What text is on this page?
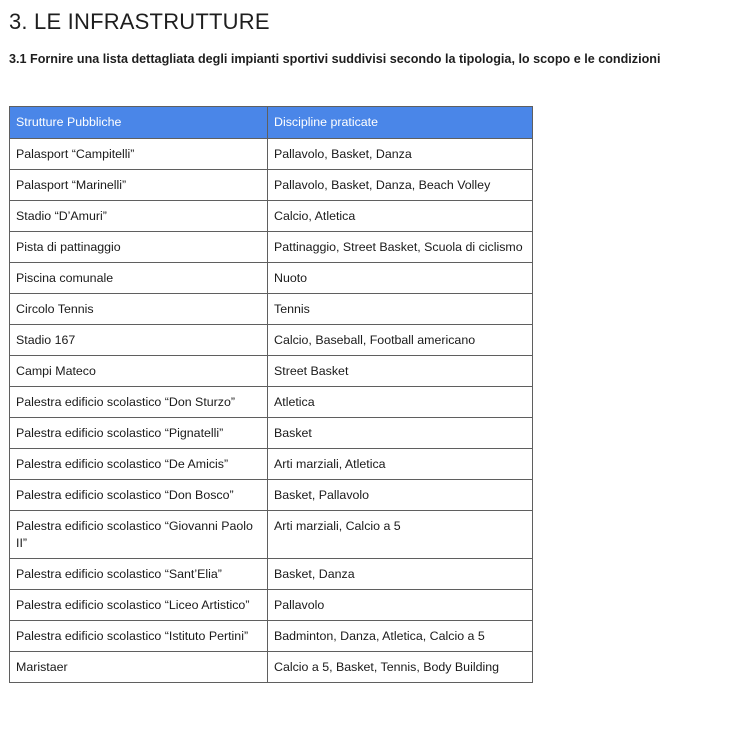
3. LE INFRASTRUTTURE

3.1 Fornire una lista dettagliata degli impianti sportivi suddivisi secondo la tipologia, lo scopo e le condizioni

Strutture Pubbliche	Discipline praticate
Palasport “Campitelli”	Pallavolo, Basket, Danza
Palasport “Marinelli”	Pallavolo, Basket, Danza, Beach Volley
Stadio “D’Amuri”	Calcio, Atletica
Pista di pattinaggio	Pattinaggio, Street Basket, Scuola di ciclismo
Piscina comunale	Nuoto
Circolo Tennis	Tennis
Stadio 167	Calcio, Baseball, Football americano
Campi Mateco	Street Basket
Palestra edificio scolastico “Don Sturzo”	Atletica
Palestra edificio scolastico “Pignatelli”	Basket
Palestra edificio scolastico “De Amicis”	Arti marziali, Atletica
Palestra edificio scolastico “Don Bosco”	Basket, Pallavolo
Palestra edificio scolastico “Giovanni Paolo II”	Arti marziali, Calcio a 5
Palestra edificio scolastico “Sant’Elia”	Basket, Danza
Palestra edificio scolastico “Liceo Artistico”	Pallavolo
Palestra edificio scolastico “Istituto Pertini”	Badminton, Danza, Atletica, Calcio a 5
Maristaer	Calcio a 5, Basket, Tennis, Body Building
